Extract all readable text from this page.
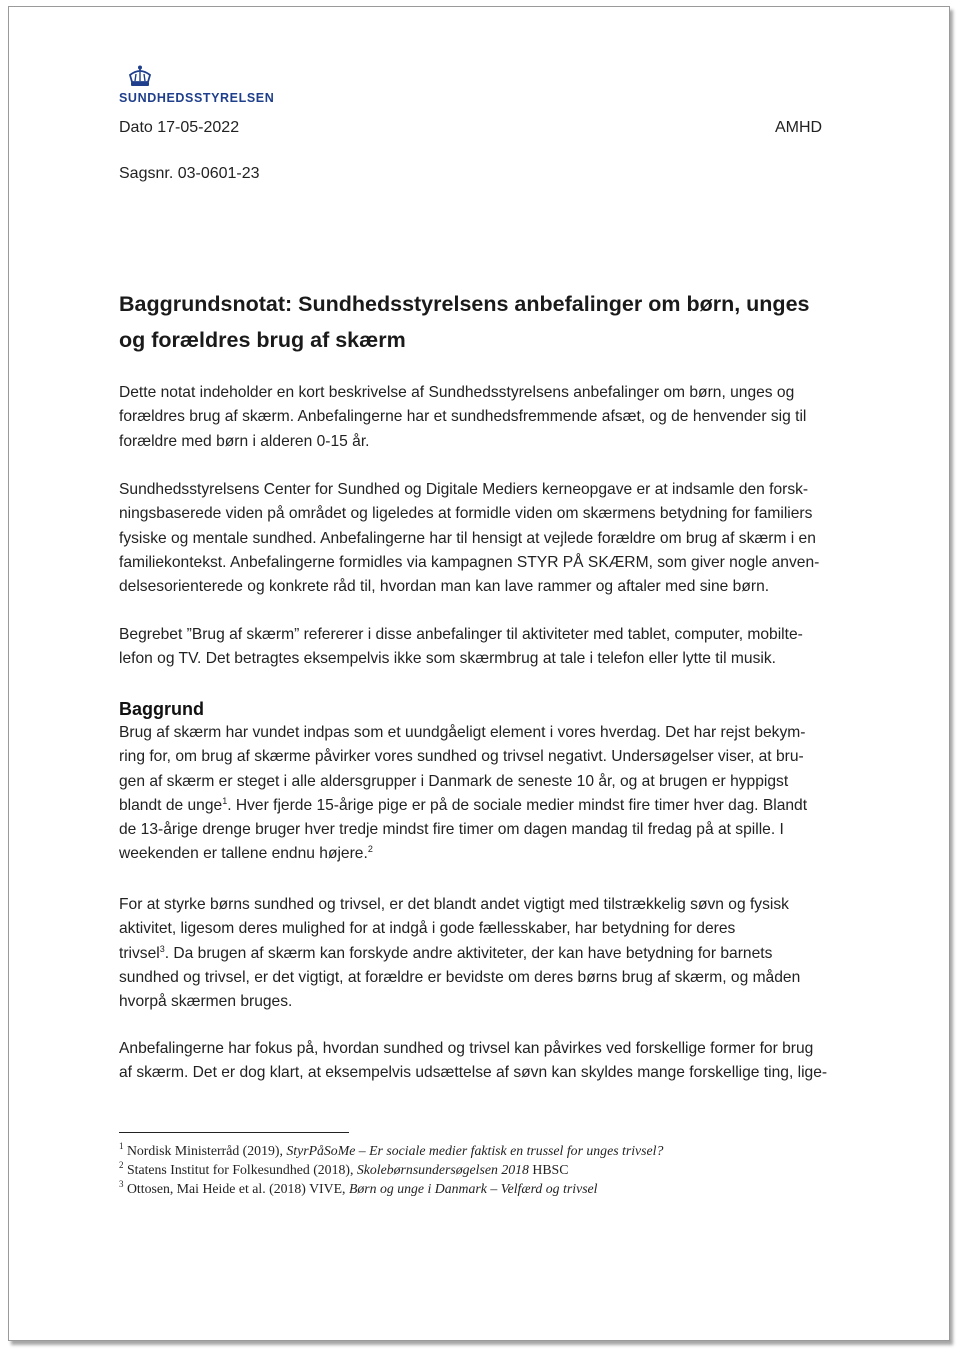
SUNDHEDSSTYRELSEN
Dato 17-05-2022	AMHD
Sagsnr. 03-0601-23
Baggrundsnotat: Sundhedsstyrelsens anbefalinger om børn, unges
og forældres brug af skærm

Dette notat indeholder en kort beskrivelse af Sundhedsstyrelsens anbefalinger om børn, unges og

forældres brug af skærm. Anbefalingerne har et sundhedsfremmende afsæt, og de henvender sig til

forældre med børn i alderen 0-15 år.

Sundhedsstyrelsens Center for Sundhed og Digitale Mediers kerneopgave er at indsamle den forsk-

ningsbaserede viden på området og ligeledes at formidle viden om skærmens betydning for familiers

fysiske og mentale sundhed. Anbefalingerne har til hensigt at vejlede forældre om brug af skærm i en

familiekontekst. Anbefalingerne formidles via kampagnen STYR PÅ SKÆRM, som giver nogle anven-

delsesorienterede og konkrete råd til, hvordan man kan lave rammer og aftaler med sine børn.

Begrebet ”Brug af skærm” refererer i disse anbefalinger til aktiviteter med tablet, computer, mobilte-

lefon og TV. Det betragtes eksempelvis ikke som skærmbrug at tale i telefon eller lytte til musik.

Baggrund

Brug af skærm har vundet indpas som et uundgåeligt element i vores hverdag. Det har rejst bekym-

ring for, om brug af skærme påvirker vores sundhed og trivsel negativt. Undersøgelser viser, at bru-

gen af skærm er steget i alle aldersgrupper i Danmark de seneste 10 år, og at brugen er hyppigst

blandt de unge$^1$. Hver fjerde 15-årige pige er på de sociale medier mindst fire timer hver dag. Blandt

de 13-årige drenge bruger hver tredje mindst fire timer om dagen mandag til fredag på at spille. I

weekenden er tallene endnu højere.$^2$

For at styrke børns sundhed og trivsel, er det blandt andet vigtigt med tilstrækkelig søvn og fysisk

aktivitet, ligesom deres mulighed for at indgå i gode fællesskaber, har betydning for deres

trivsel$^3$. Da brugen af skærm kan forskyde andre aktiviteter, der kan have betydning for barnets

sundhed og trivsel, er det vigtigt, at forældre er bevidste om deres børns brug af skærm, og måden

hvorpå skærmen bruges.

Anbefalingerne har fokus på, hvordan sundhed og trivsel kan påvirkes ved forskellige former for brug

af skærm. Det er dog klart, at eksempelvis udsættelse af søvn kan skyldes mange forskellige ting, lige-

$^1$ Nordisk Ministerråd (2019), StyrPåSoMe – Er sociale medier faktisk en trussel for unges trivsel?
$^2$ Statens Institut for Folkesundhed (2018), Skolebørnsundersøgelsen 2018 HBSC
$^3$ Ottosen, Mai Heide et al. (2018) VIVE, Børn og unge i Danmark – Velfærd og trivsel
